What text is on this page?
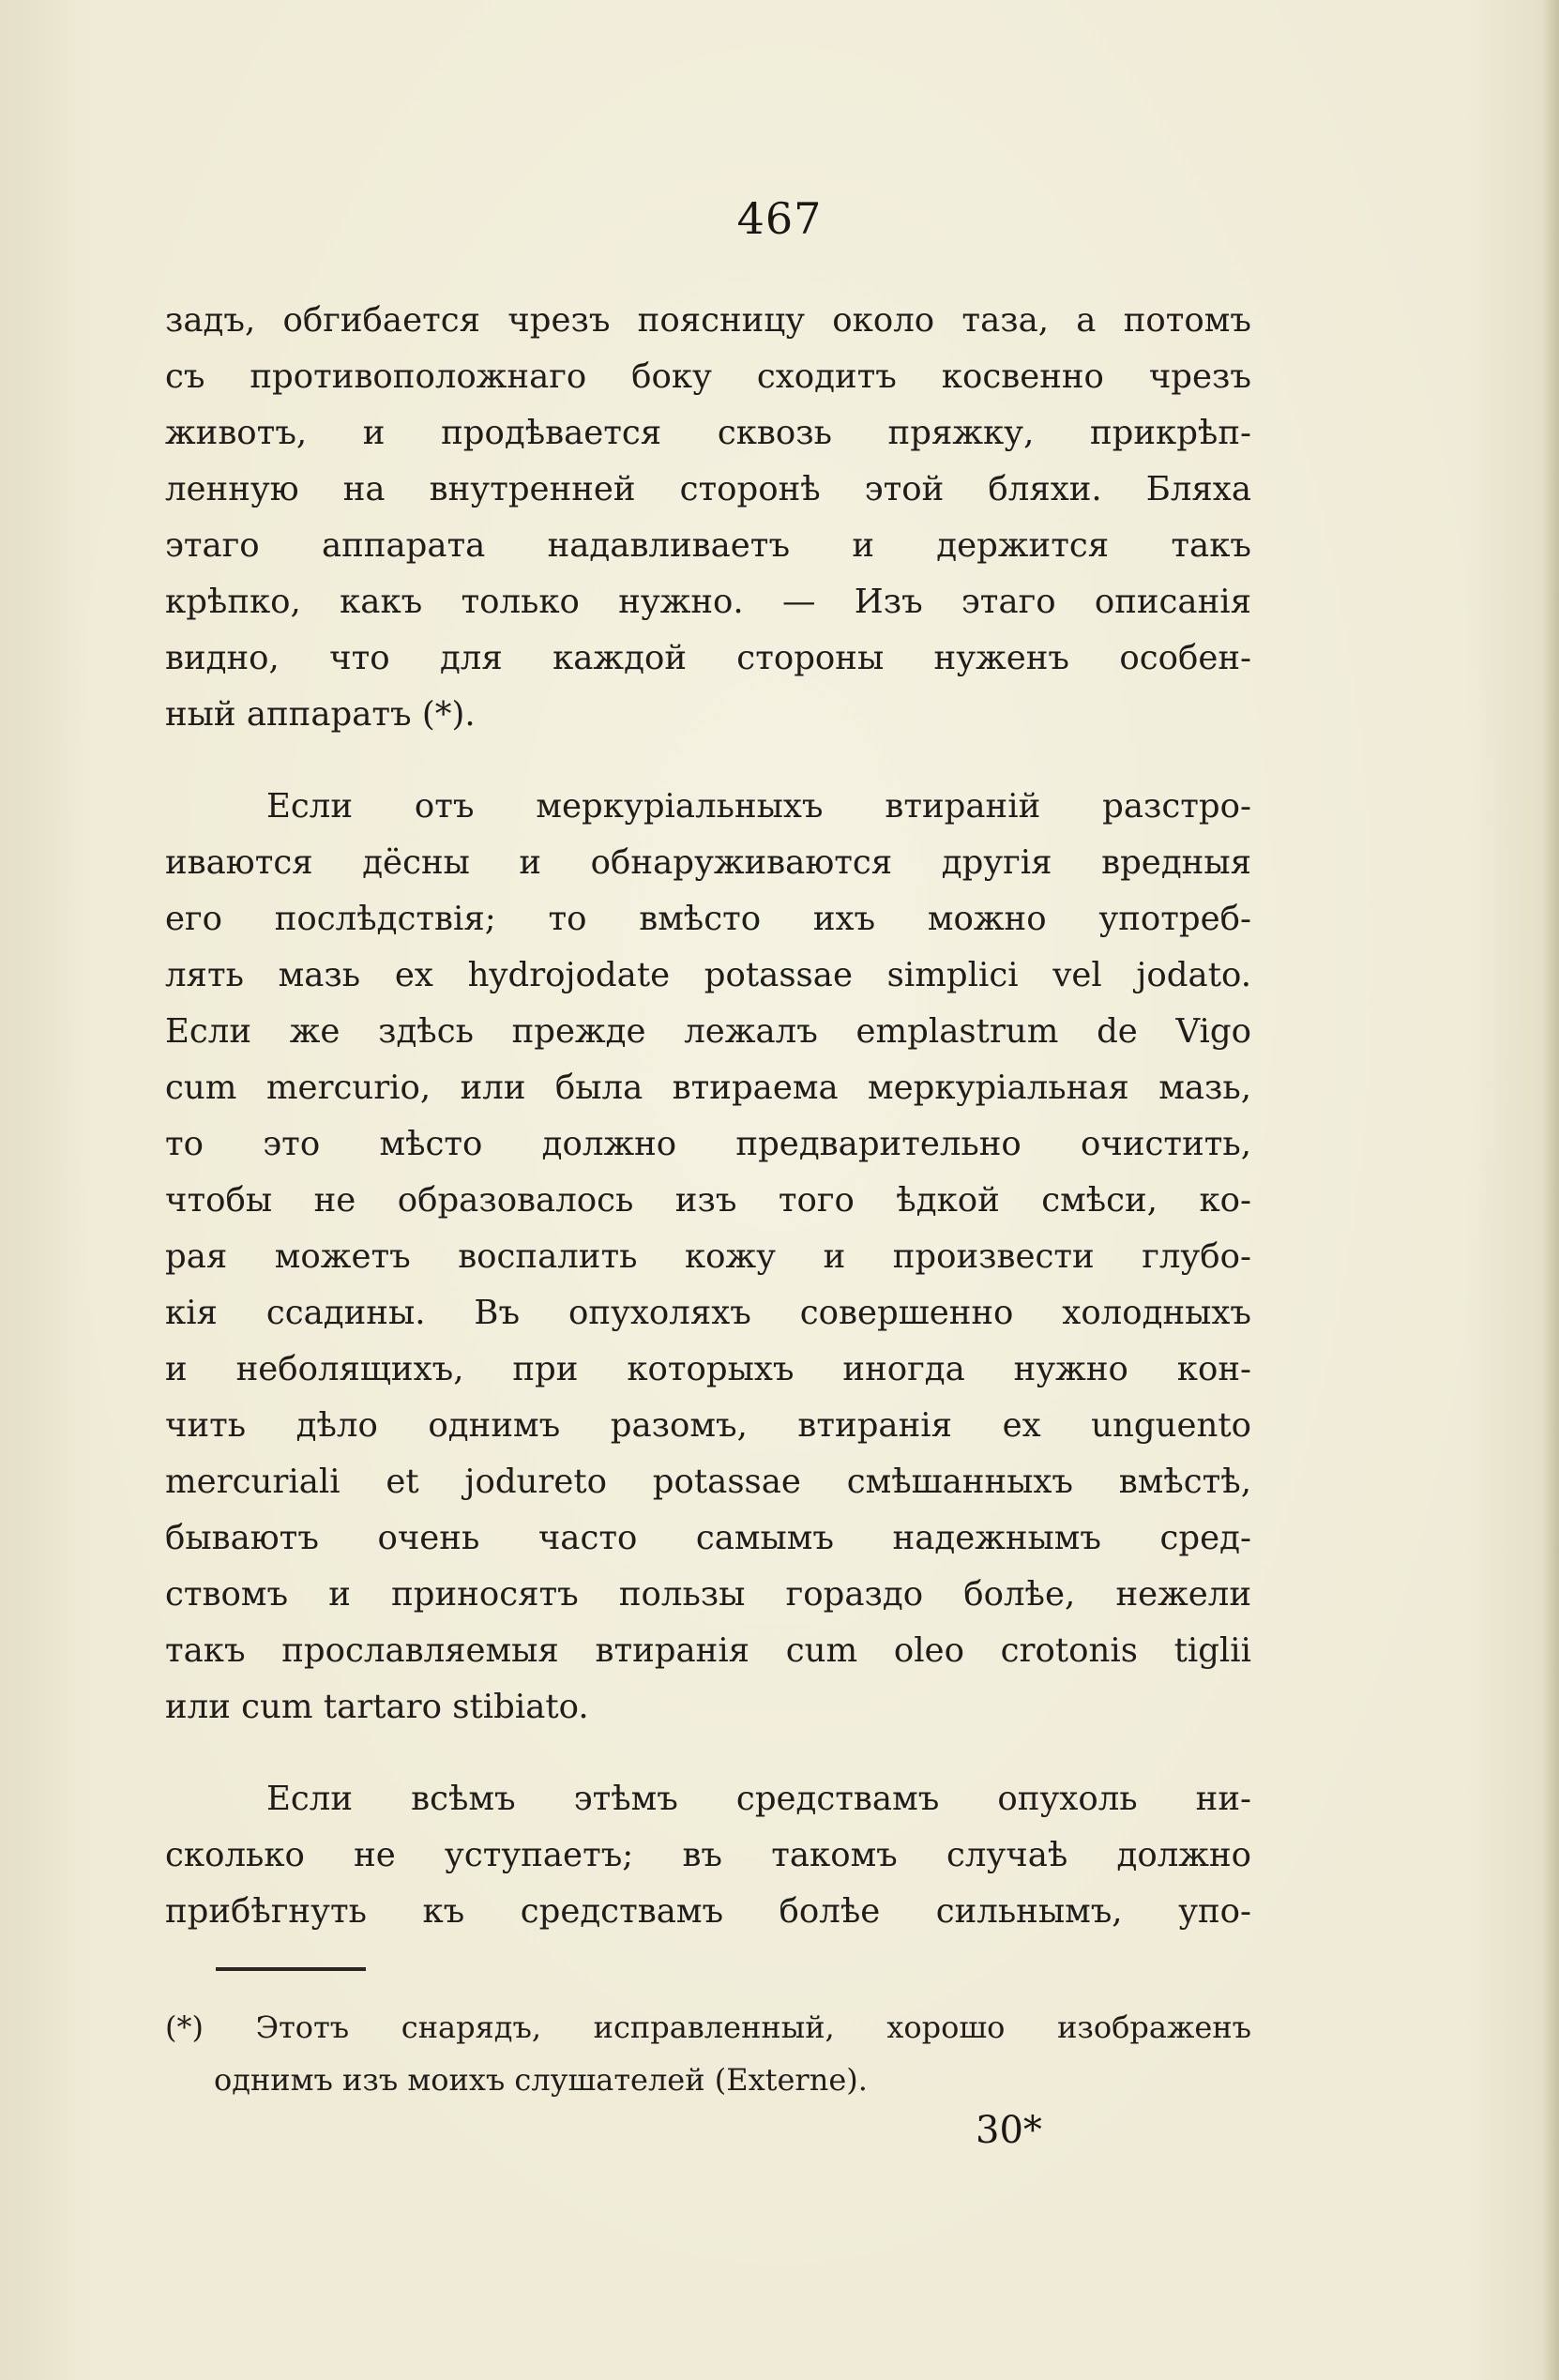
467
задъ, обгибается чрезъ поясницу около таза, а потомъ
съ противоположнаго боку сходитъ косвенно чрезъ
животъ, и продѣвается сквозь пряжку, прикрѣп-
ленную на внутренней сторонѣ этой бляхи. Бляха
этаго аппарата надавливаетъ и держится такъ
крѣпко, какъ только нужно. — Изъ этаго описанія
видно, что для каждой стороны нуженъ особен-
ный аппаратъ (*).
Если отъ меркуріальныхъ втираній разстро-
иваются дёсны и обнаруживаются другія вредныя
его послѣдствія; то вмѣсто ихъ можно употреб-
лять мазь ex hydrojodate potassae simplici vel jodato.
Если же здѣсь прежде лежалъ emplastrum de Vigo
cum mercurio, или была втираема меркуріальная мазь,
то это мѣсто должно предварительно очистить,
чтобы не образовалось изъ того ѣдкой смѣси, ко-
рая можетъ воспалить кожу и произвести глубо-
кія ссадины. Въ опухоляхъ совершенно холодныхъ
и неболящихъ, при которыхъ иногда нужно кон-
чить дѣло однимъ разомъ, втиранія ex unguento
mercuriali et jodureto potassae смѣшанныхъ вмѣстѣ,
бываютъ очень часто самымъ надежнымъ сред-
ствомъ и приносятъ пользы гораздо болѣе, нежели
такъ прославляемыя втиранія cum oleo crotonis tiglii
или cum tartaro stibiato.
Если всѣмъ этѣмъ средствамъ опухоль ни-
сколько не уступаетъ; въ такомъ случаѣ должно
прибѣгнуть къ средствамъ болѣе сильнымъ, упо-
(*) Этотъ снарядъ, исправленный, хорошо изображенъ
однимъ изъ моихъ слушателей (Externe).
30*
